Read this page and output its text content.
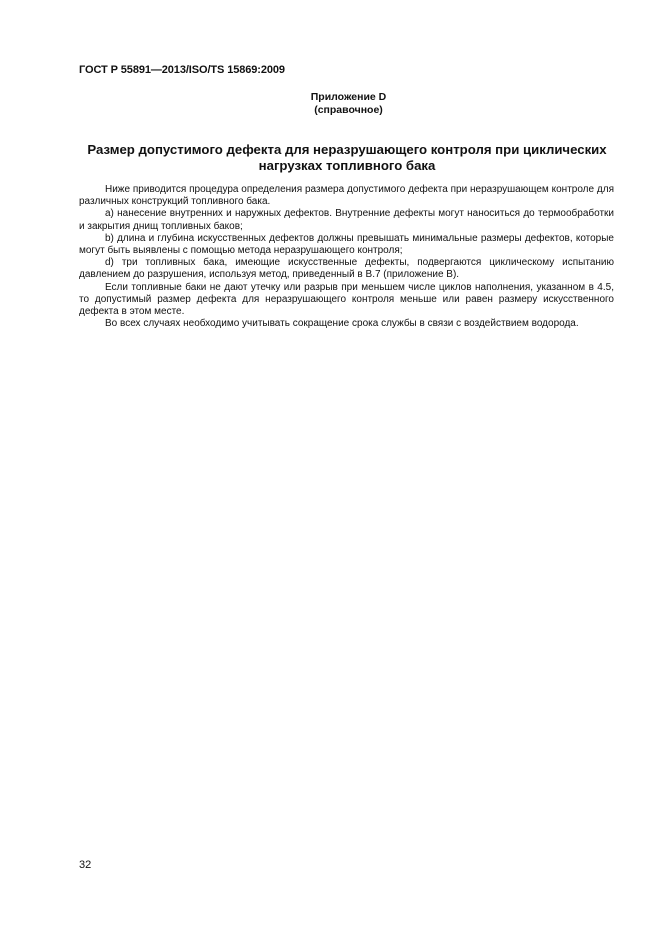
ГОСТ Р 55891—2013/ISO/TS 15869:2009
Приложение D
(справочное)
Размер допустимого дефекта для неразрушающего контроля при циклических нагрузках топливного бака

Ниже приводится процедура определения размера допустимого дефекта при неразрушающем контроле для различных конструкций топливного бака.

а) нанесение внутренних и наружных дефектов. Внутренние дефекты могут наноситься до термообработки и закрытия днищ топливных баков;

b) длина и глубина искусственных дефектов должны превышать минимальные размеры дефектов, которые могут быть выявлены с помощью метода неразрушающего контроля;

d) три топливных бака, имеющие искусственные дефекты, подвергаются циклическому испытанию давлением до разрушения, используя метод, приведенный в В.7 (приложение В).

Если топливные баки не дают утечку или разрыв при меньшем числе циклов наполнения, указанном в 4.5, то допустимый размер дефекта для неразрушающего контроля меньше или равен размеру искусственного дефекта в этом месте.

Во всех случаях необходимо учитывать сокращение срока службы в связи с воздействием водорода.

32
